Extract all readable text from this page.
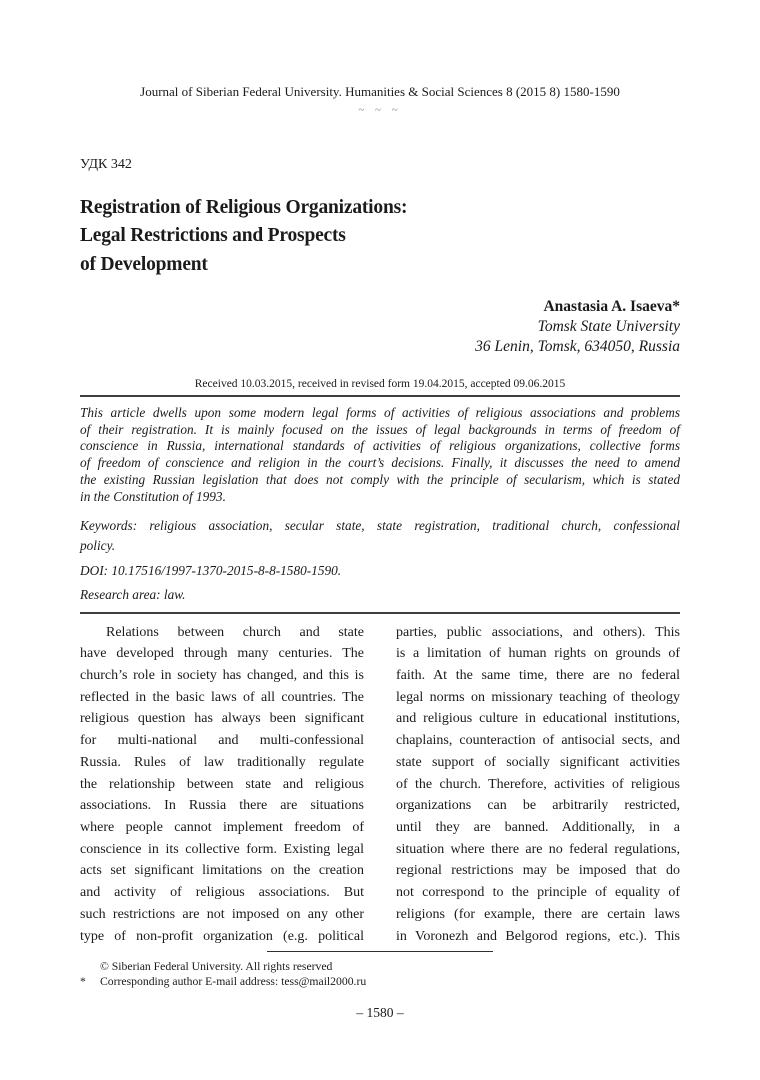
Journal of Siberian Federal University. Humanities & Social Sciences 8 (2015 8) 1580-1590
~ ~ ~
УДК 342
Registration of Religious Organizations:
Legal Restrictions and Prospects
of Development
Anastasia A. Isaeva*
Tomsk State University
36 Lenin, Tomsk, 634050, Russia
Received 10.03.2015, received in revised form 19.04.2015, accepted 09.06.2015
This article dwells upon some modern legal forms of activities of religious associations and problems
of their registration. It is mainly focused on the issues of legal backgrounds in terms of freedom of
conscience in Russia, international standards of activities of religious organizations, collective forms
of freedom of conscience and religion in the court’s decisions. Finally, it discusses the need to amend
the existing Russian legislation that does not comply with the principle of secularism, which is stated
in the Constitution of 1993.
Keywords: religious association, secular state, state registration, traditional church, confessional
policy.
DOI: 10.17516/1997-1370-2015-8-8-1580-1590.
Research area: law.
Relations between church and state
have developed through many centuries. The
church’s role in society has changed, and this is
reflected in the basic laws of all countries. The
religious question has always been significant
for multi-national and multi-confessional
Russia. Rules of law traditionally regulate
the relationship between state and religious
associations. In Russia there are situations
where people cannot implement freedom of
conscience in its collective form. Existing legal
acts set significant limitations on the creation
and activity of religious associations. But
such restrictions are not imposed on any other
type of non-profit organization (e.g. political
parties, public associations, and others). This
is a limitation of human rights on grounds of
faith. At the same time, there are no federal
legal norms on missionary teaching of theology
and religious culture in educational institutions,
chaplains, counteraction of antisocial sects, and
state support of socially significant activities
of the church. Therefore, activities of religious
organizations can be arbitrarily restricted,
until they are banned. Additionally, in a
situation where there are no federal regulations,
regional restrictions may be imposed that do
not correspond to the principle of equality of
religions (for example, there are certain laws
in Voronezh and Belgorod regions, etc.). This
© Siberian Federal University. All rights reserved
*	Corresponding author E-mail address: tess@mail2000.ru
– 1580 –
